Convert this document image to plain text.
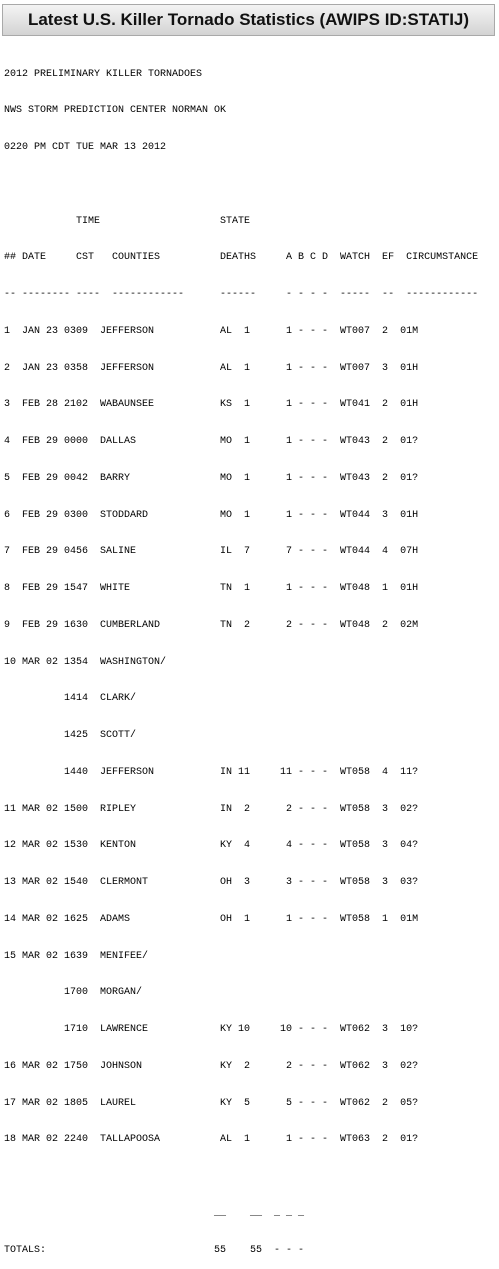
Latest U.S. Killer Tornado Statistics (AWIPS ID:STATIJ)

2012 PRELIMINARY KILLER TORNADOES

NWS STORM PREDICTION CENTER NORMAN OK

0220 PM CDT TUE MAR 13 2012

TIME                    STATE

## DATE     CST   COUNTIES          DEATHS     A B C D  WATCH  EF  CIRCUMSTANCE

-- -------- ----  ------------      ------     - - - -  -----  --  ------------

1  JAN 23 0309  JEFFERSON           AL  1      1 - - -  WT007  2  01M

2  JAN 23 0358  JEFFERSON           AL  1      1 - - -  WT007  3  01H

3  FEB 28 2102  WABAUNSEE           KS  1      1 - - -  WT041  2  01H

4  FEB 29 0000  DALLAS              MO  1      1 - - -  WT043  2  01?

5  FEB 29 0042  BARRY               MO  1      1 - - -  WT043  2  01?

6  FEB 29 0300  STODDARD            MO  1      1 - - -  WT044  3  01H

7  FEB 29 0456  SALINE              IL  7      7 - - -  WT044  4  07H

8  FEB 29 1547  WHITE               TN  1      1 - - -  WT048  1  01H

9  FEB 29 1630  CUMBERLAND          TN  2      2 - - -  WT048  2  02M

10 MAR 02 1354  WASHINGTON/

1414  CLARK/

1425  SCOTT/

1440  JEFFERSON           IN 11     11 - - -  WT058  4  11?

11 MAR 02 1500  RIPLEY              IN  2      2 - - -  WT058  3  02?

12 MAR 02 1530  KENTON              KY  4      4 - - -  WT058  3  04?

13 MAR 02 1540  CLERMONT            OH  3      3 - - -  WT058  3  03?

14 MAR 02 1625  ADAMS               OH  1      1 - - -  WT058  1  01M

15 MAR 02 1639  MENIFEE/

1700  MORGAN/

1710  LAWRENCE            KY 10     10 - - -  WT062  3  10?

16 MAR 02 1750  JOHNSON             KY  2      2 - - -  WT062  3  02?

17 MAR 02 1805  LAUREL              KY  5      5 - - -  WT062  2  05?

18 MAR 02 2240  TALLAPOOSA          AL  1      1 - - -  WT063  2  01?

__    __  _ _ _

TOTALS:                            55    55  - - -
